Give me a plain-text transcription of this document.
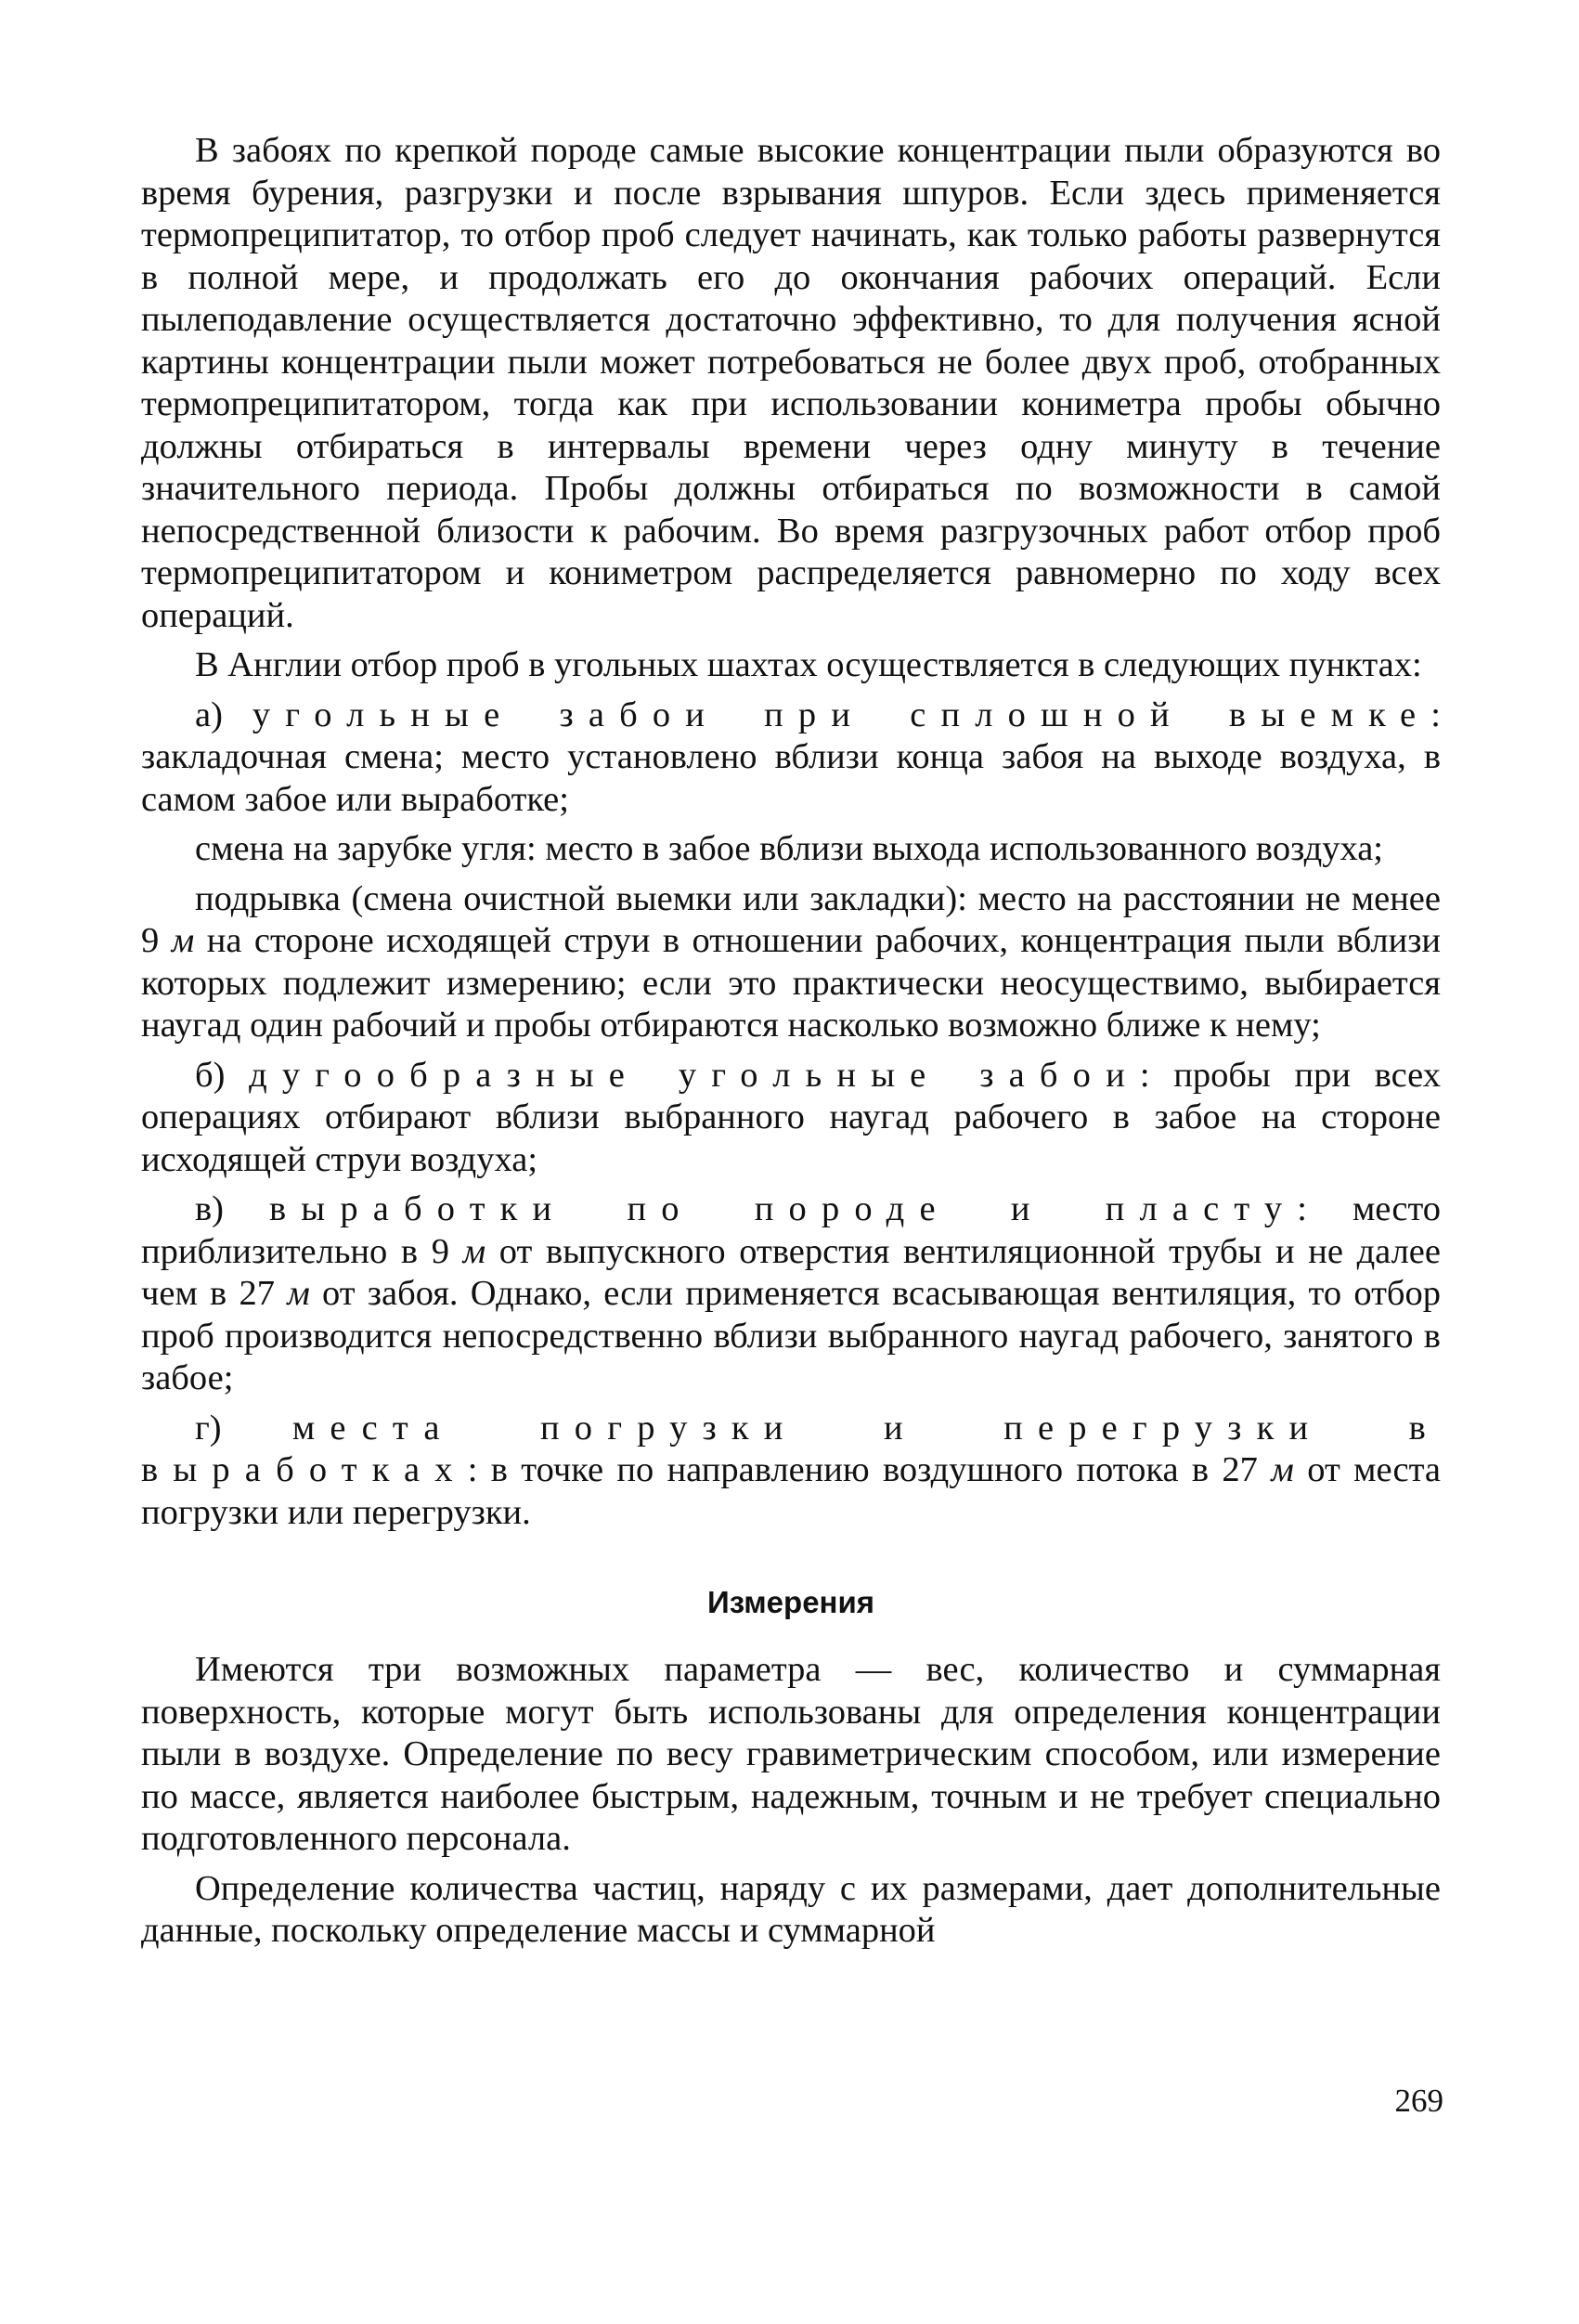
В забоях по крепкой породе самые высокие концентрации пыли образуются во время бурения, разгрузки и после взрывания шпуров. Если здесь применяется термопреципитатор, то отбор проб следует начинать, как только работы развернутся в полной мере, и продолжать его до окончания рабочих операций. Если пылеподавление осуществляется достаточно эффективно, то для получения ясной картины концентрации пыли может потребоваться не более двух проб, отобранных термопреципитатором, тогда как при использовании кониметра пробы обычно должны отбираться в интервалы времени через одну минуту в течение значительного периода. Пробы должны отбираться по возможности в самой непосредственной близости к рабочим. Во время разгрузочных работ отбор проб термопреципитатором и кониметром распределяется равномерно по ходу всех операций.

В Англии отбор проб в угольных шахтах осуществляется в следующих пунктах:

а) угольные забои при сплошной выемке: закладочная смена; место установлено вблизи конца забоя на выходе воздуха, в самом забое или выработке;

смена на зарубке угля: место в забое вблизи выхода использованного воздуха;

подрывка (смена очистной выемки или закладки): место на расстоянии не менее 9 м на стороне исходящей струи в отношении рабочих, концентрация пыли вблизи которых подлежит измерению; если это практически неосуществимо, выбирается наугад один рабочий и пробы отбираются насколько возможно ближе к нему;

б) дугообразные угольные забои: пробы при всех операциях отбирают вблизи выбранного наугад рабочего в забое на стороне исходящей струи воздуха;

в) выработки по породе и пласту: место приблизительно в 9 м от выпускного отверстия вентиляционной трубы и не далее чем в 27 м от забоя. Однако, если применяется всасывающая вентиляция, то отбор проб производится непосредственно вблизи выбранного наугад рабочего, занятого в забое;

г) места погрузки и перегрузки в выработках: в точке по направлению воздушного потока в 27 м от места погрузки или перегрузки.

Измерения

Имеются три возможных параметра — вес, количество и суммарная поверхность, которые могут быть использованы для определения концентрации пыли в воздухе. Определение по весу гравиметрическим способом, или измерение по массе, является наиболее быстрым, надежным, точным и не требует специально подготовленного персонала.

Определение количества частиц, наряду с их размерами, дает дополнительные данные, поскольку определение массы и суммарной

269
